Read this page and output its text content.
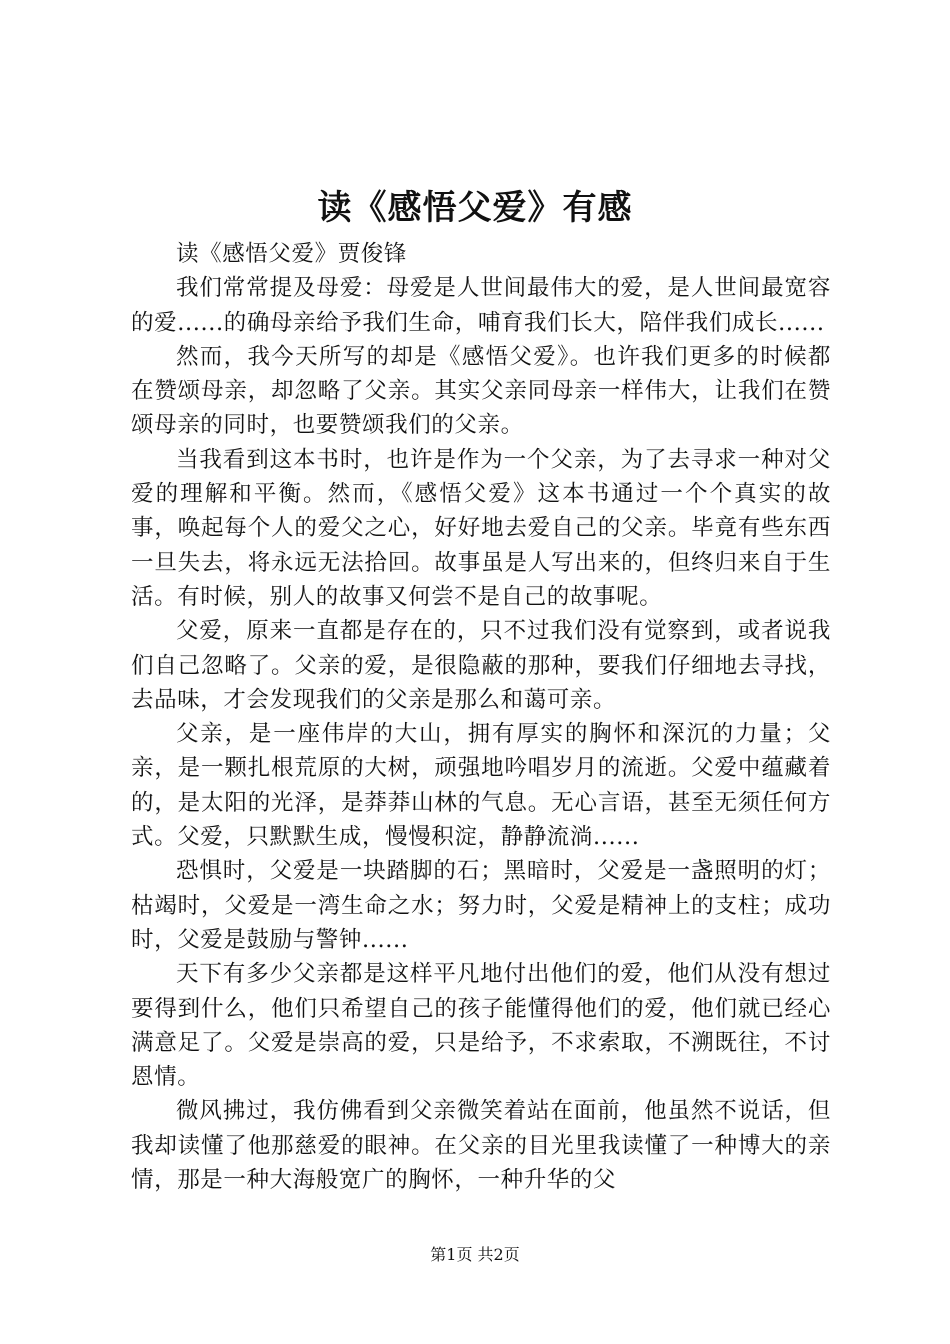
读《感悟父爱》有感

读《感悟父爱》贾俊锋

我们常常提及母爱：母爱是人世间最伟大的爱，是人世间最宽容的爱......的确母亲给予我们生命，哺育我们长大，陪伴我们成长......

然而，我今天所写的却是《感悟父爱》。也许我们更多的时候都在赞颂母亲，却忽略了父亲。其实父亲同母亲一样伟大，让我们在赞颂母亲的同时，也要赞颂我们的父亲。

当我看到这本书时，也许是作为一个父亲，为了去寻求一种对父爱的理解和平衡。然而，《感悟父爱》这本书通过一个个真实的故事，唤起每个人的爱父之心，好好地去爱自己的父亲。毕竟有些东西一旦失去，将永远无法拾回。故事虽是人写出来的，但终归来自于生活。有时候，别人的故事又何尝不是自己的故事呢。

父爱，原来一直都是存在的，只不过我们没有觉察到，或者说我们自己忽略了。父亲的爱，是很隐蔽的那种，要我们仔细地去寻找，去品味，才会发现我们的父亲是那么和蔼可亲。

父亲，是一座伟岸的大山，拥有厚实的胸怀和深沉的力量；父亲，是一颗扎根荒原的大树，顽强地吟唱岁月的流逝。父爱中蕴藏着的，是太阳的光泽，是莽莽山林的气息。无心言语，甚至无须任何方式。父爱，只默默生成，慢慢积淀，静静流淌......

恐惧时，父爱是一块踏脚的石；黑暗时，父爱是一盏照明的灯；枯竭时，父爱是一湾生命之水；努力时，父爱是精神上的支柱；成功时，父爱是鼓励与警钟......

天下有多少父亲都是这样平凡地付出他们的爱，他们从没有想过要得到什么，他们只希望自己的孩子能懂得他们的爱，他们就已经心满意足了。父爱是崇高的爱，只是给予，不求索取，不溯既往，不讨恩情。

微风拂过，我仿佛看到父亲微笑着站在面前，他虽然不说话，但我却读懂了他那慈爱的眼神。在父亲的目光里我读懂了一种博大的亲情，那是一种大海般宽广的胸怀，一种升华的父

第1页 共2页
